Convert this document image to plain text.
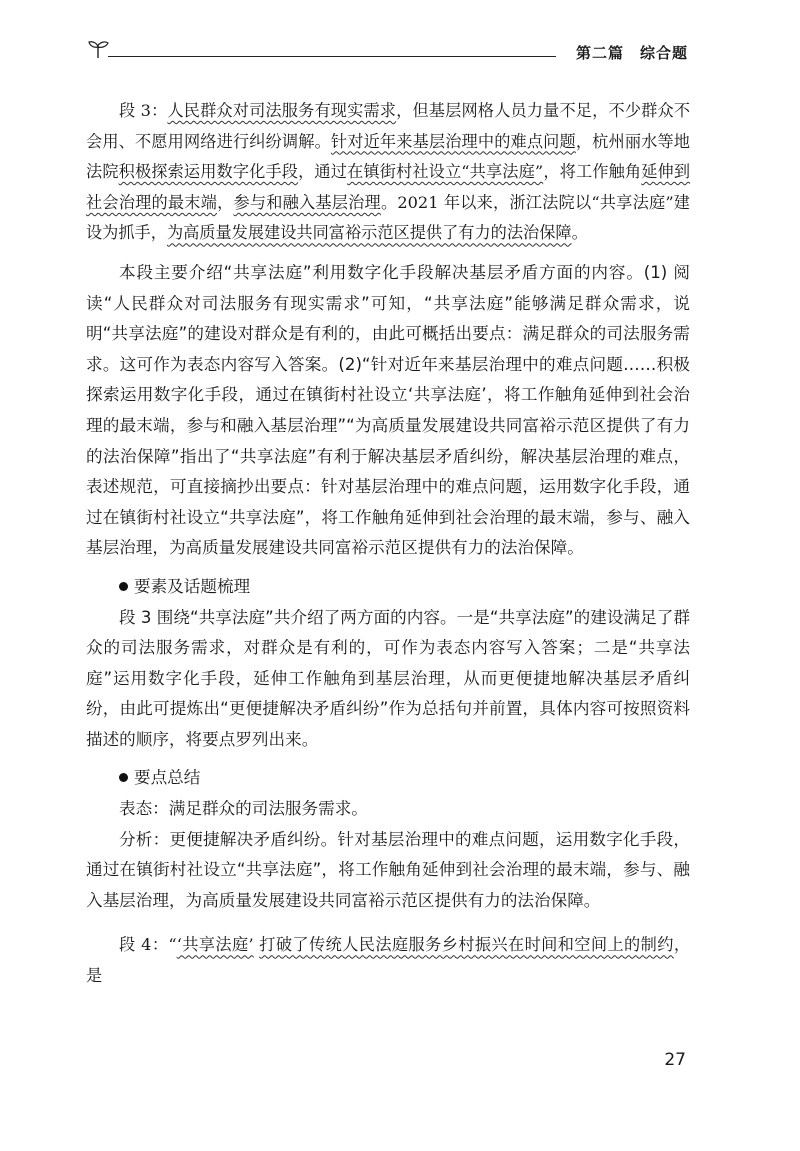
第二篇 综合题

段 3：人民群众对司法服务有现实需求，但基层网格人员力量不足，不少群众不会用、不愿用网络进行纠纷调解。针对近年来基层治理中的难点问题，杭州丽水等地法院积极探索运用数字化手段，通过在镇街村社设立“共享法庭”，将工作触角延伸到社会治理的最末端，参与和融入基层治理。2021 年以来，浙江法院以“共享法庭”建设为抓手，为高质量发展建设共同富裕示范区提供了有力的法治保障。

本段主要介绍“共享法庭”利用数字化手段解决基层矛盾方面的内容。(1) 阅读“人民群众对司法服务有现实需求”可知，“共享法庭”能够满足群众需求，说明“共享法庭”的建设对群众是有利的，由此可概括出要点：满足群众的司法服务需求。这可作为表态内容写入答案。(2)“针对近年来基层治理中的难点问题……积极探索运用数字化手段，通过在镇街村社设立‘共享法庭’，将工作触角延伸到社会治理的最末端，参与和融入基层治理”“为高质量发展建设共同富裕示范区提供了有力的法治保障”指出了“共享法庭”有利于解决基层矛盾纠纷，解决基层治理的难点，表述规范，可直接摘抄出要点：针对基层治理中的难点问题，运用数字化手段，通过在镇街村社设立“共享法庭”，将工作触角延伸到社会治理的最末端，参与、融入基层治理，为高质量发展建设共同富裕示范区提供有力的法治保障。

要素及话题梳理

段 3 围绕“共享法庭”共介绍了两方面的内容。一是“共享法庭”的建设满足了群众的司法服务需求，对群众是有利的，可作为表态内容写入答案；二是“共享法庭”运用数字化手段，延伸工作触角到基层治理，从而更便捷地解决基层矛盾纠纷，由此可提炼出“更便捷解决矛盾纠纷”作为总括句并前置，具体内容可按照资料描述的顺序，将要点罗列出来。

要点总结

表态：满足群众的司法服务需求。

分析：更便捷解决矛盾纠纷。针对基层治理中的难点问题，运用数字化手段，通过在镇街村社设立“共享法庭”，将工作触角延伸到社会治理的最末端，参与、融入基层治理，为高质量发展建设共同富裕示范区提供有力的法治保障。

段 4：“‘共享法庭’ 打破了传统人民法庭服务乡村振兴在时间和空间上的制约，是

27
